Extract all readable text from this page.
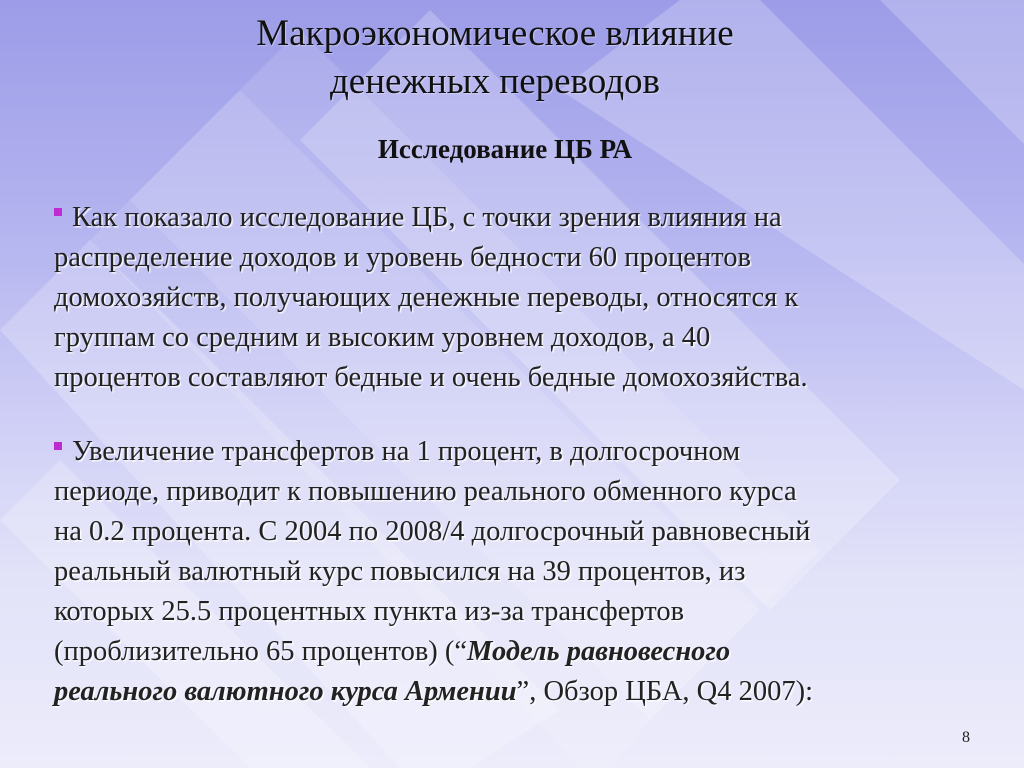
Макроэкономическое влияние
денежных переводов
Исследование ЦБ РА
Как показало исследование ЦБ, с точки зрения влияния на
распределение доходов и уровень бедности 60 процентов
домохозяйств, получающих денежные переводы, относятся к
группам со средним и высоким уровнем доходов, а 40
процентов составляют бедные и очень бедные домохозяйства.
Увеличение трансфертов на 1 процент, в долгосрочном
периоде, приводит к повышению реального обменного курса
на 0.2 процента. С 2004 по 2008/4 долгосрочный равновесный
реальный валютный курс повысился на 39 процентов, из
которых 25.5 процентных пункта из-за трансфертов
(проблизительно 65 процентов) (“Модель равновесного
реального валютного курса Армении”, Обзор ЦБА, Q4 2007):
8
